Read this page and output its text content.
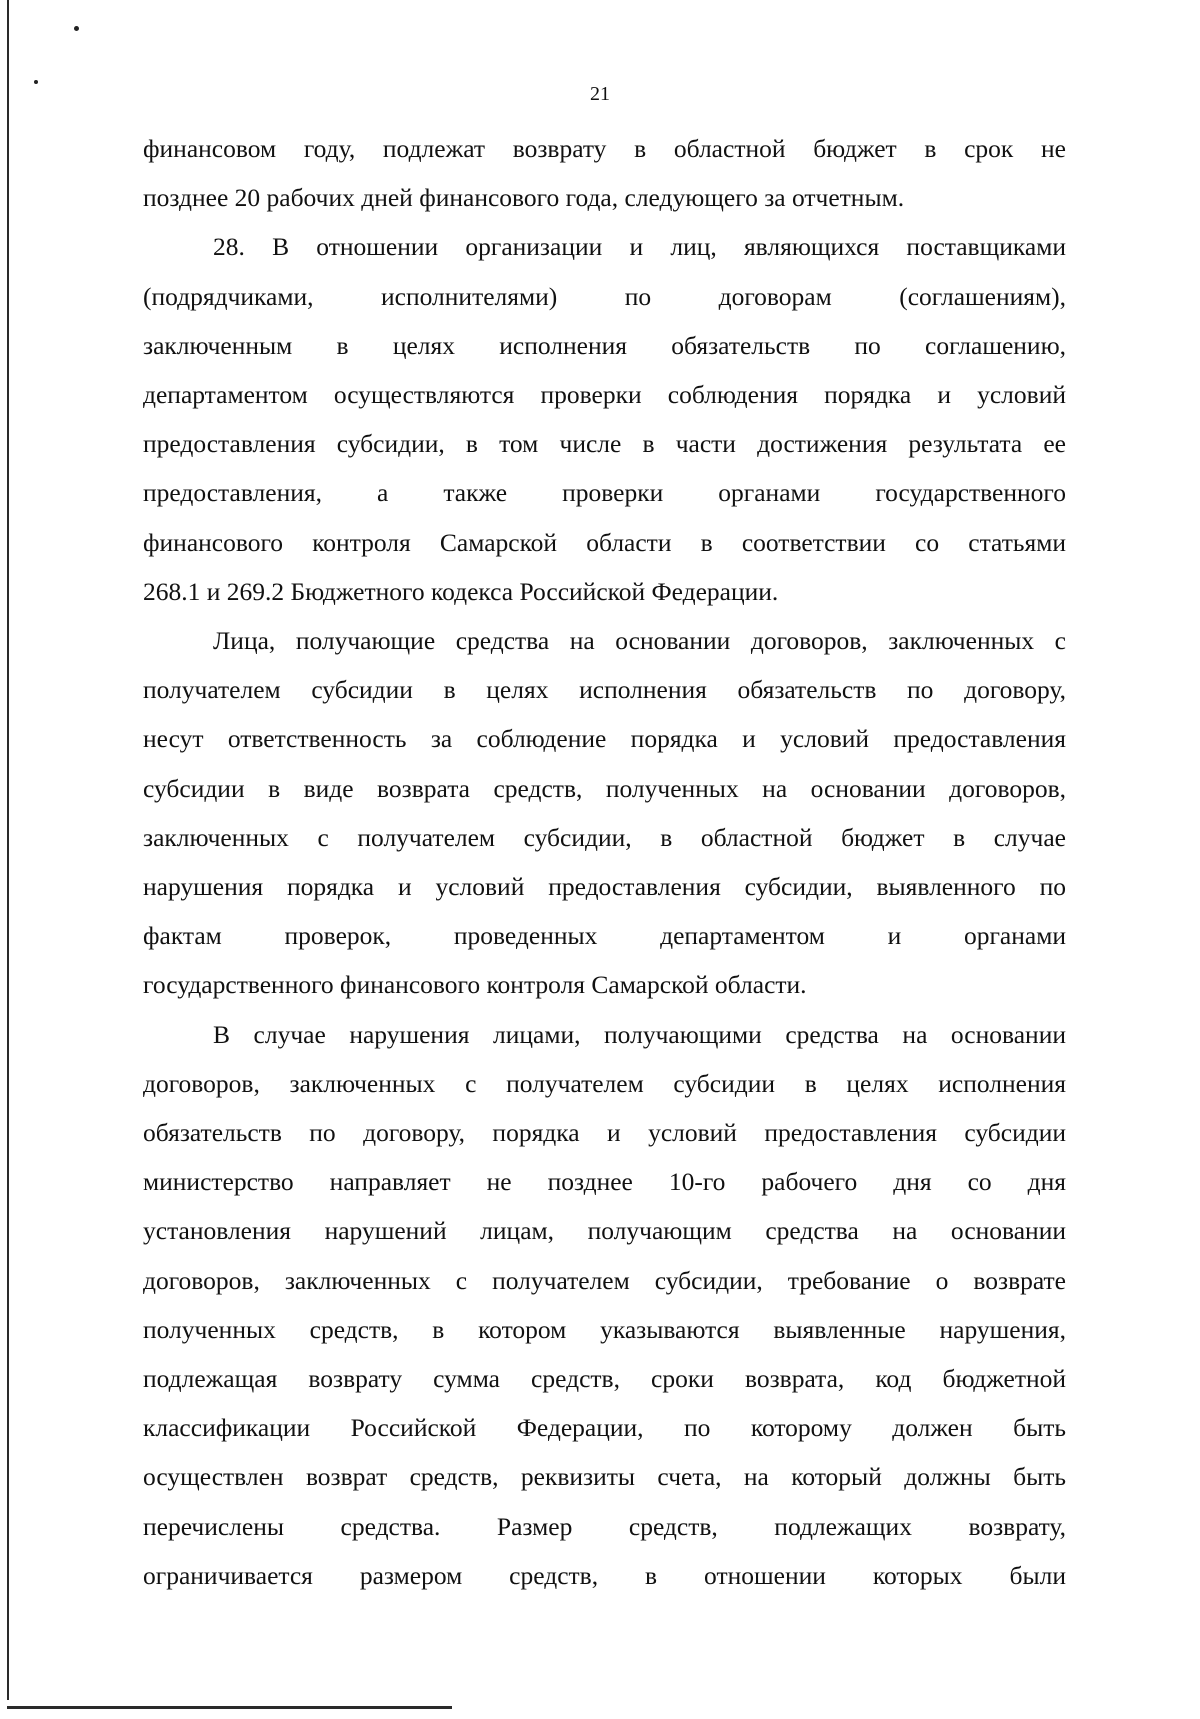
21
финансовом году, подлежат возврату в областной бюджет в срок не
позднее 20 рабочих дней финансового года, следующего за отчетным.
28. В отношении организации и лиц, являющихся поставщиками
(подрядчиками, исполнителями) по договорам (соглашениям),
заключенным в целях исполнения обязательств по соглашению,
департаментом осуществляются проверки соблюдения порядка и условий
предоставления субсидии, в том числе в части достижения результата ее
предоставления, а также проверки органами государственного
финансового контроля Самарской области в соответствии со статьями
268.1 и 269.2 Бюджетного кодекса Российской Федерации.
Лица, получающие средства на основании договоров, заключенных с
получателем субсидии в целях исполнения обязательств по договору,
несут ответственность за соблюдение порядка и условий предоставления
субсидии в виде возврата средств, полученных на основании договоров,
заключенных с получателем субсидии, в областной бюджет в случае
нарушения порядка и условий предоставления субсидии, выявленного по
фактам проверок, проведенных департаментом и органами
государственного финансового контроля Самарской области.
В случае нарушения лицами, получающими средства на основании
договоров, заключенных с получателем субсидии в целях исполнения
обязательств по договору, порядка и условий предоставления субсидии
министерство направляет не позднее 10-го рабочего дня со дня
установления нарушений лицам, получающим средства на основании
договоров, заключенных с получателем субсидии, требование о возврате
полученных средств, в котором указываются выявленные нарушения,
подлежащая возврату сумма средств, сроки возврата, код бюджетной
классификации Российской Федерации, по которому должен быть
осуществлен возврат средств, реквизиты счета, на который должны быть
перечислены средства. Размер средств, подлежащих возврату,
ограничивается размером средств, в отношении которых были
